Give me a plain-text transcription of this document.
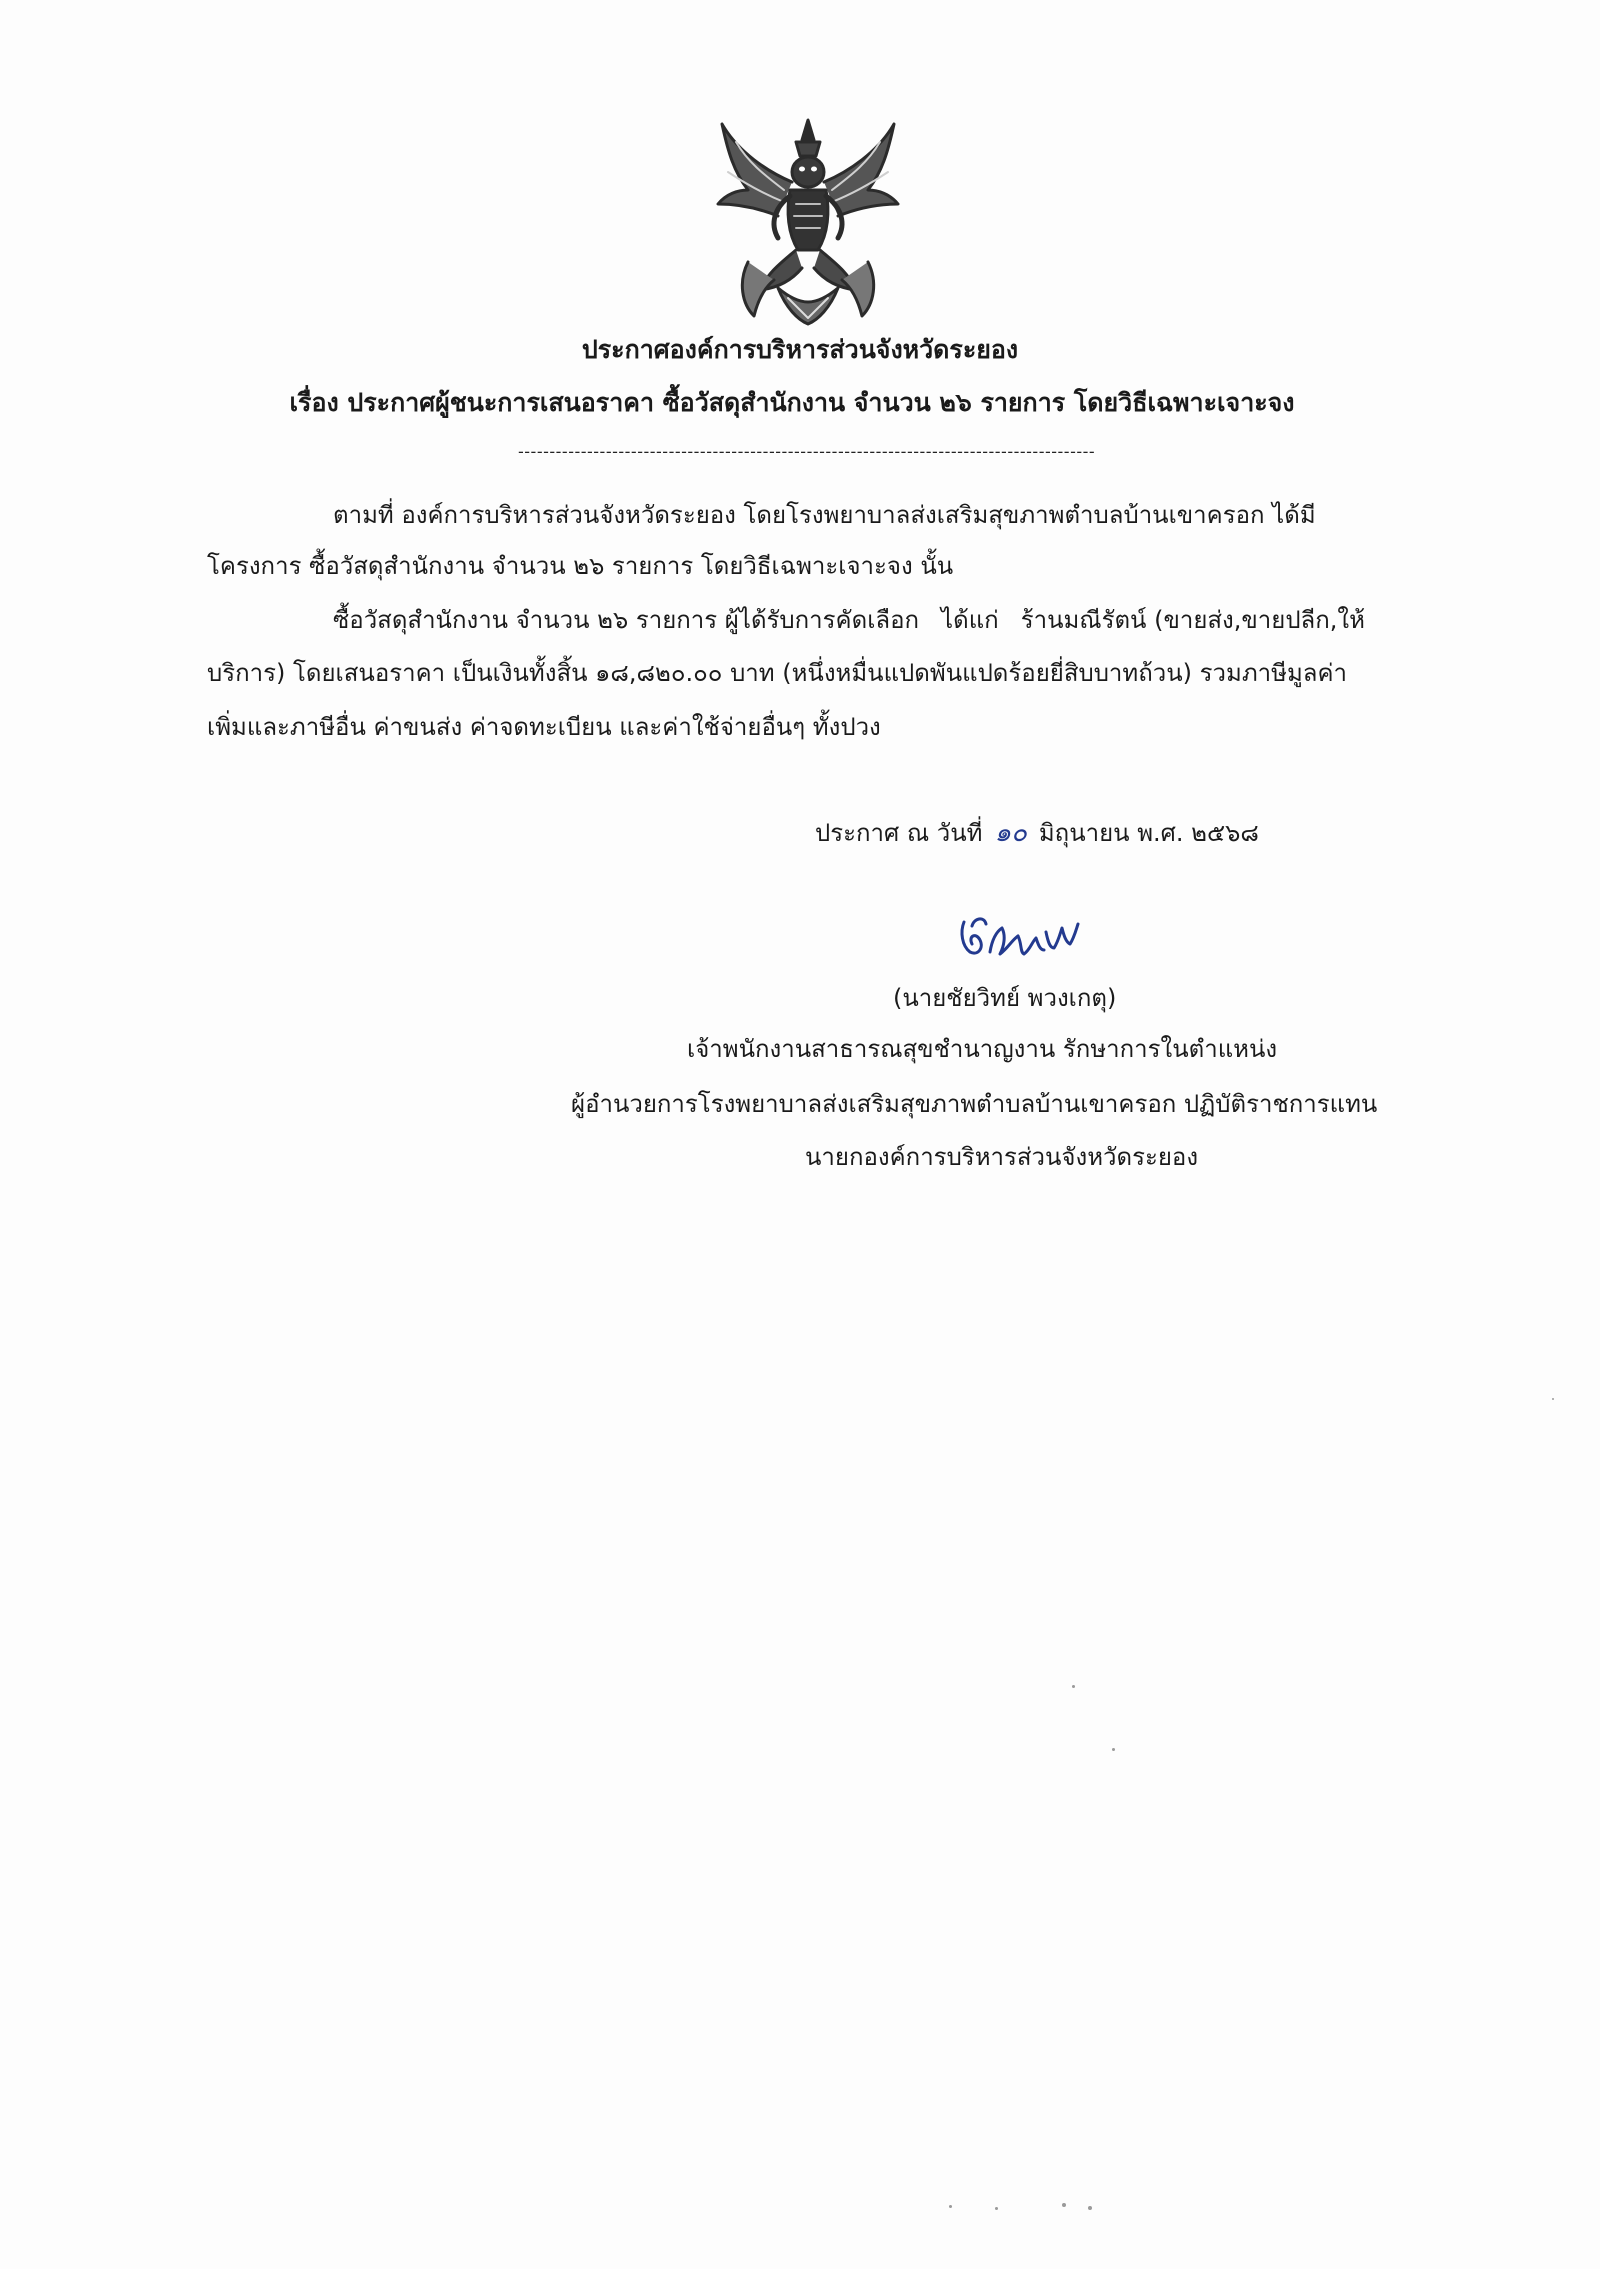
ประกาศองค์การบริหารส่วนจังหวัดระยอง
เรื่อง ประกาศผู้ชนะการเสนอราคา ซื้อวัสดุสำนักงาน จำนวน ๒๖ รายการ โดยวิธีเฉพาะเจาะจง
--------------------------------------------------------------------------------------------
ตามที่ องค์การบริหารส่วนจังหวัดระยอง โดยโรงพยาบาลส่งเสริมสุขภาพตำบลบ้านเขาครอก ได้มี
โครงการ ซื้อวัสดุสำนักงาน จำนวน ๒๖ รายการ โดยวิธีเฉพาะเจาะจง นั้น
ซื้อวัสดุสำนักงาน จำนวน ๒๖ รายการ ผู้ได้รับการคัดเลือก ได้แก่ ร้านมณีรัตน์ (ขายส่ง,ขายปลีก,ให้
บริการ) โดยเสนอราคา เป็นเงินทั้งสิ้น ๑๘,๘๒๐.๐๐ บาท (หนึ่งหมื่นแปดพันแปดร้อยยี่สิบบาทถ้วน) รวมภาษีมูลค่า
เพิ่มและภาษีอื่น ค่าขนส่ง ค่าจดทะเบียน และค่าใช้จ่ายอื่นๆ ทั้งปวง
ประกาศ ณ วันที่ ๑๐ มิถุนายน พ.ศ. ๒๕๖๘
(นายชัยวิทย์ พวงเกตุ)
เจ้าพนักงานสาธารณสุขชำนาญงาน รักษาการในตำแหน่ง
ผู้อำนวยการโรงพยาบาลส่งเสริมสุขภาพตำบลบ้านเขาครอก ปฏิบัติราชการแทน
นายกองค์การบริหารส่วนจังหวัดระยอง
